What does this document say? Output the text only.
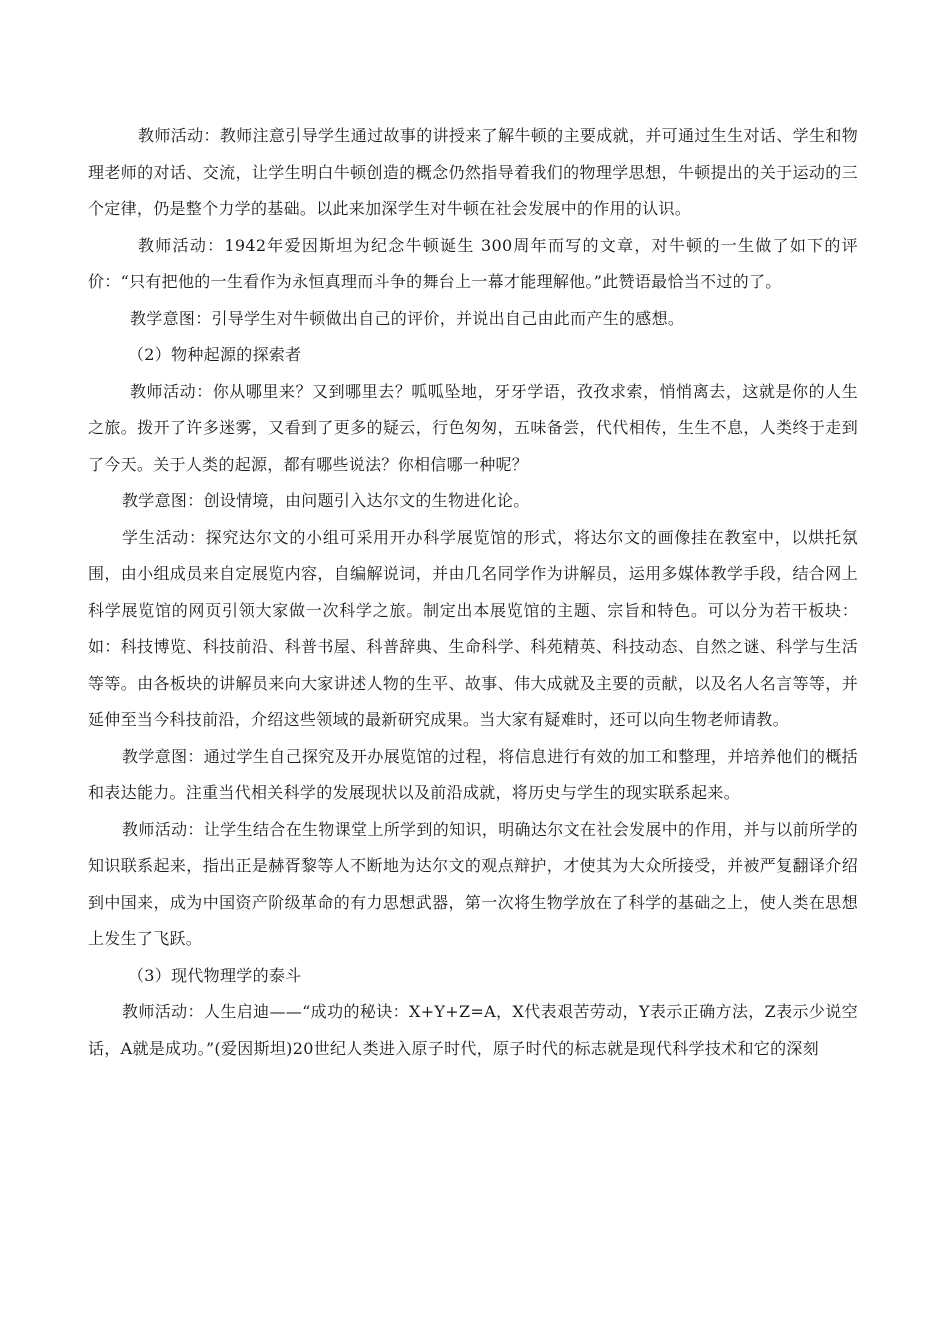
教师活动：教师注意引导学生通过故事的讲授来了解牛顿的主要成就，并可通过生生对话、学生和物理老师的对话、交流，让学生明白牛顿创造的概念仍然指导着我们的物理学思想，牛顿提出的关于运动的三个定律，仍是整个力学的基础。以此来加深学生对牛顿在社会发展中的作用的认识。

教师活动：1942年爱因斯坦为纪念牛顿诞生 300周年而写的文章，对牛顿的一生做了如下的评价：“只有把他的一生看作为永恒真理而斗争的舞台上一幕才能理解他。”此赞语最恰当不过的了。

教学意图：引导学生对牛顿做出自己的评价，并说出自己由此而产生的感想。

（2）物种起源的探索者

教师活动：你从哪里来？又到哪里去？呱呱坠地，牙牙学语，孜孜求索，悄悄离去，这就是你的人生之旅。拨开了许多迷雾，又看到了更多的疑云，行色匆匆，五味备尝，代代相传，生生不息，人类终于走到了今天。关于人类的起源，都有哪些说法？你相信哪一种呢？

教学意图：创设情境，由问题引入达尔文的生物进化论。

学生活动：探究达尔文的小组可采用开办科学展览馆的形式，将达尔文的画像挂在教室中，以烘托氛围，由小组成员来自定展览内容，自编解说词，并由几名同学作为讲解员，运用多媒体教学手段，结合网上科学展览馆的网页引领大家做一次科学之旅。制定出本展览馆的主题、宗旨和特色。可以分为若干板块：如：科技博览、科技前沿、科普书屋、科普辞典、生命科学、科苑精英、科技动态、自然之谜、科学与生活等等。由各板块的讲解员来向大家讲述人物的生平、故事、伟大成就及主要的贡献，以及名人名言等等，并延伸至当今科技前沿，介绍这些领域的最新研究成果。当大家有疑难时，还可以向生物老师请教。

教学意图：通过学生自己探究及开办展览馆的过程，将信息进行有效的加工和整理，并培养他们的概括和表达能力。注重当代相关科学的发展现状以及前沿成就，将历史与学生的现实联系起来。

教师活动：让学生结合在生物课堂上所学到的知识，明确达尔文在社会发展中的作用，并与以前所学的知识联系起来，指出正是赫胥黎等人不断地为达尔文的观点辩护，才使其为大众所接受，并被严复翻译介绍到中国来，成为中国资产阶级革命的有力思想武器，第一次将生物学放在了科学的基础之上，使人类在思想上发生了飞跃。

（3）现代物理学的泰斗

教师活动：人生启迪——“成功的秘诀：X+Y+Z=A，X代表艰苦劳动，Y表示正确方法，Z表示少说空话，A就是成功。”(爱因斯坦)20世纪人类进入原子时代，原子时代的标志就是现代科学技术和它的深刻
